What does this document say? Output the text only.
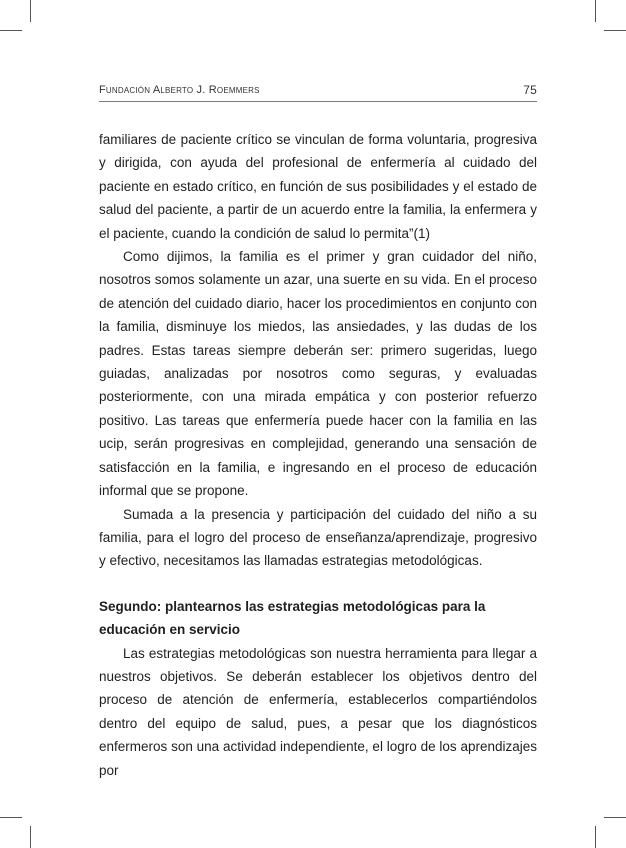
Fundación Alberto J. Roemmers	75

familiares de paciente crítico se vinculan de forma voluntaria, progresiva y dirigida, con ayuda del profesional de enfermería al cuidado del paciente en estado crítico, en función de sus posibilidades y el estado de salud del paciente, a partir de un acuerdo entre la familia, la enfermera y el paciente, cuando la condición de salud lo permita”(1)

Como dijimos, la familia es el primer y gran cuidador del niño, nosotros somos solamente un azar, una suerte en su vida. En el proceso de atención del cuidado diario, hacer los procedimientos en conjunto con la familia, disminuye los miedos, las ansiedades, y las dudas de los padres. Estas tareas siempre deberán ser: primero sugeridas, luego guiadas, analizadas por nosotros como seguras, y evaluadas posteriormente, con una mirada empática y con posterior refuerzo positivo. Las tareas que enfermería puede hacer con la familia en las ucip, serán progresivas en complejidad, generando una sensación de satisfacción en la familia, e ingresando en el proceso de educación informal que se propone.

Sumada a la presencia y participación del cuidado del niño a su familia, para el logro del proceso de enseñanza/aprendizaje, progresivo y efectivo, necesitamos las llamadas estrategias metodológicas.

Segundo: plantearnos las estrategias metodológicas para la educación en servicio

Las estrategias metodológicas son nuestra herramienta para llegar a nuestros objetivos. Se deberán establecer los objetivos dentro del proceso de atención de enfermería, establecerlos compartiéndolos dentro del equipo de salud, pues, a pesar que los diagnósticos enfermeros son una actividad independiente, el logro de los aprendizajes por
